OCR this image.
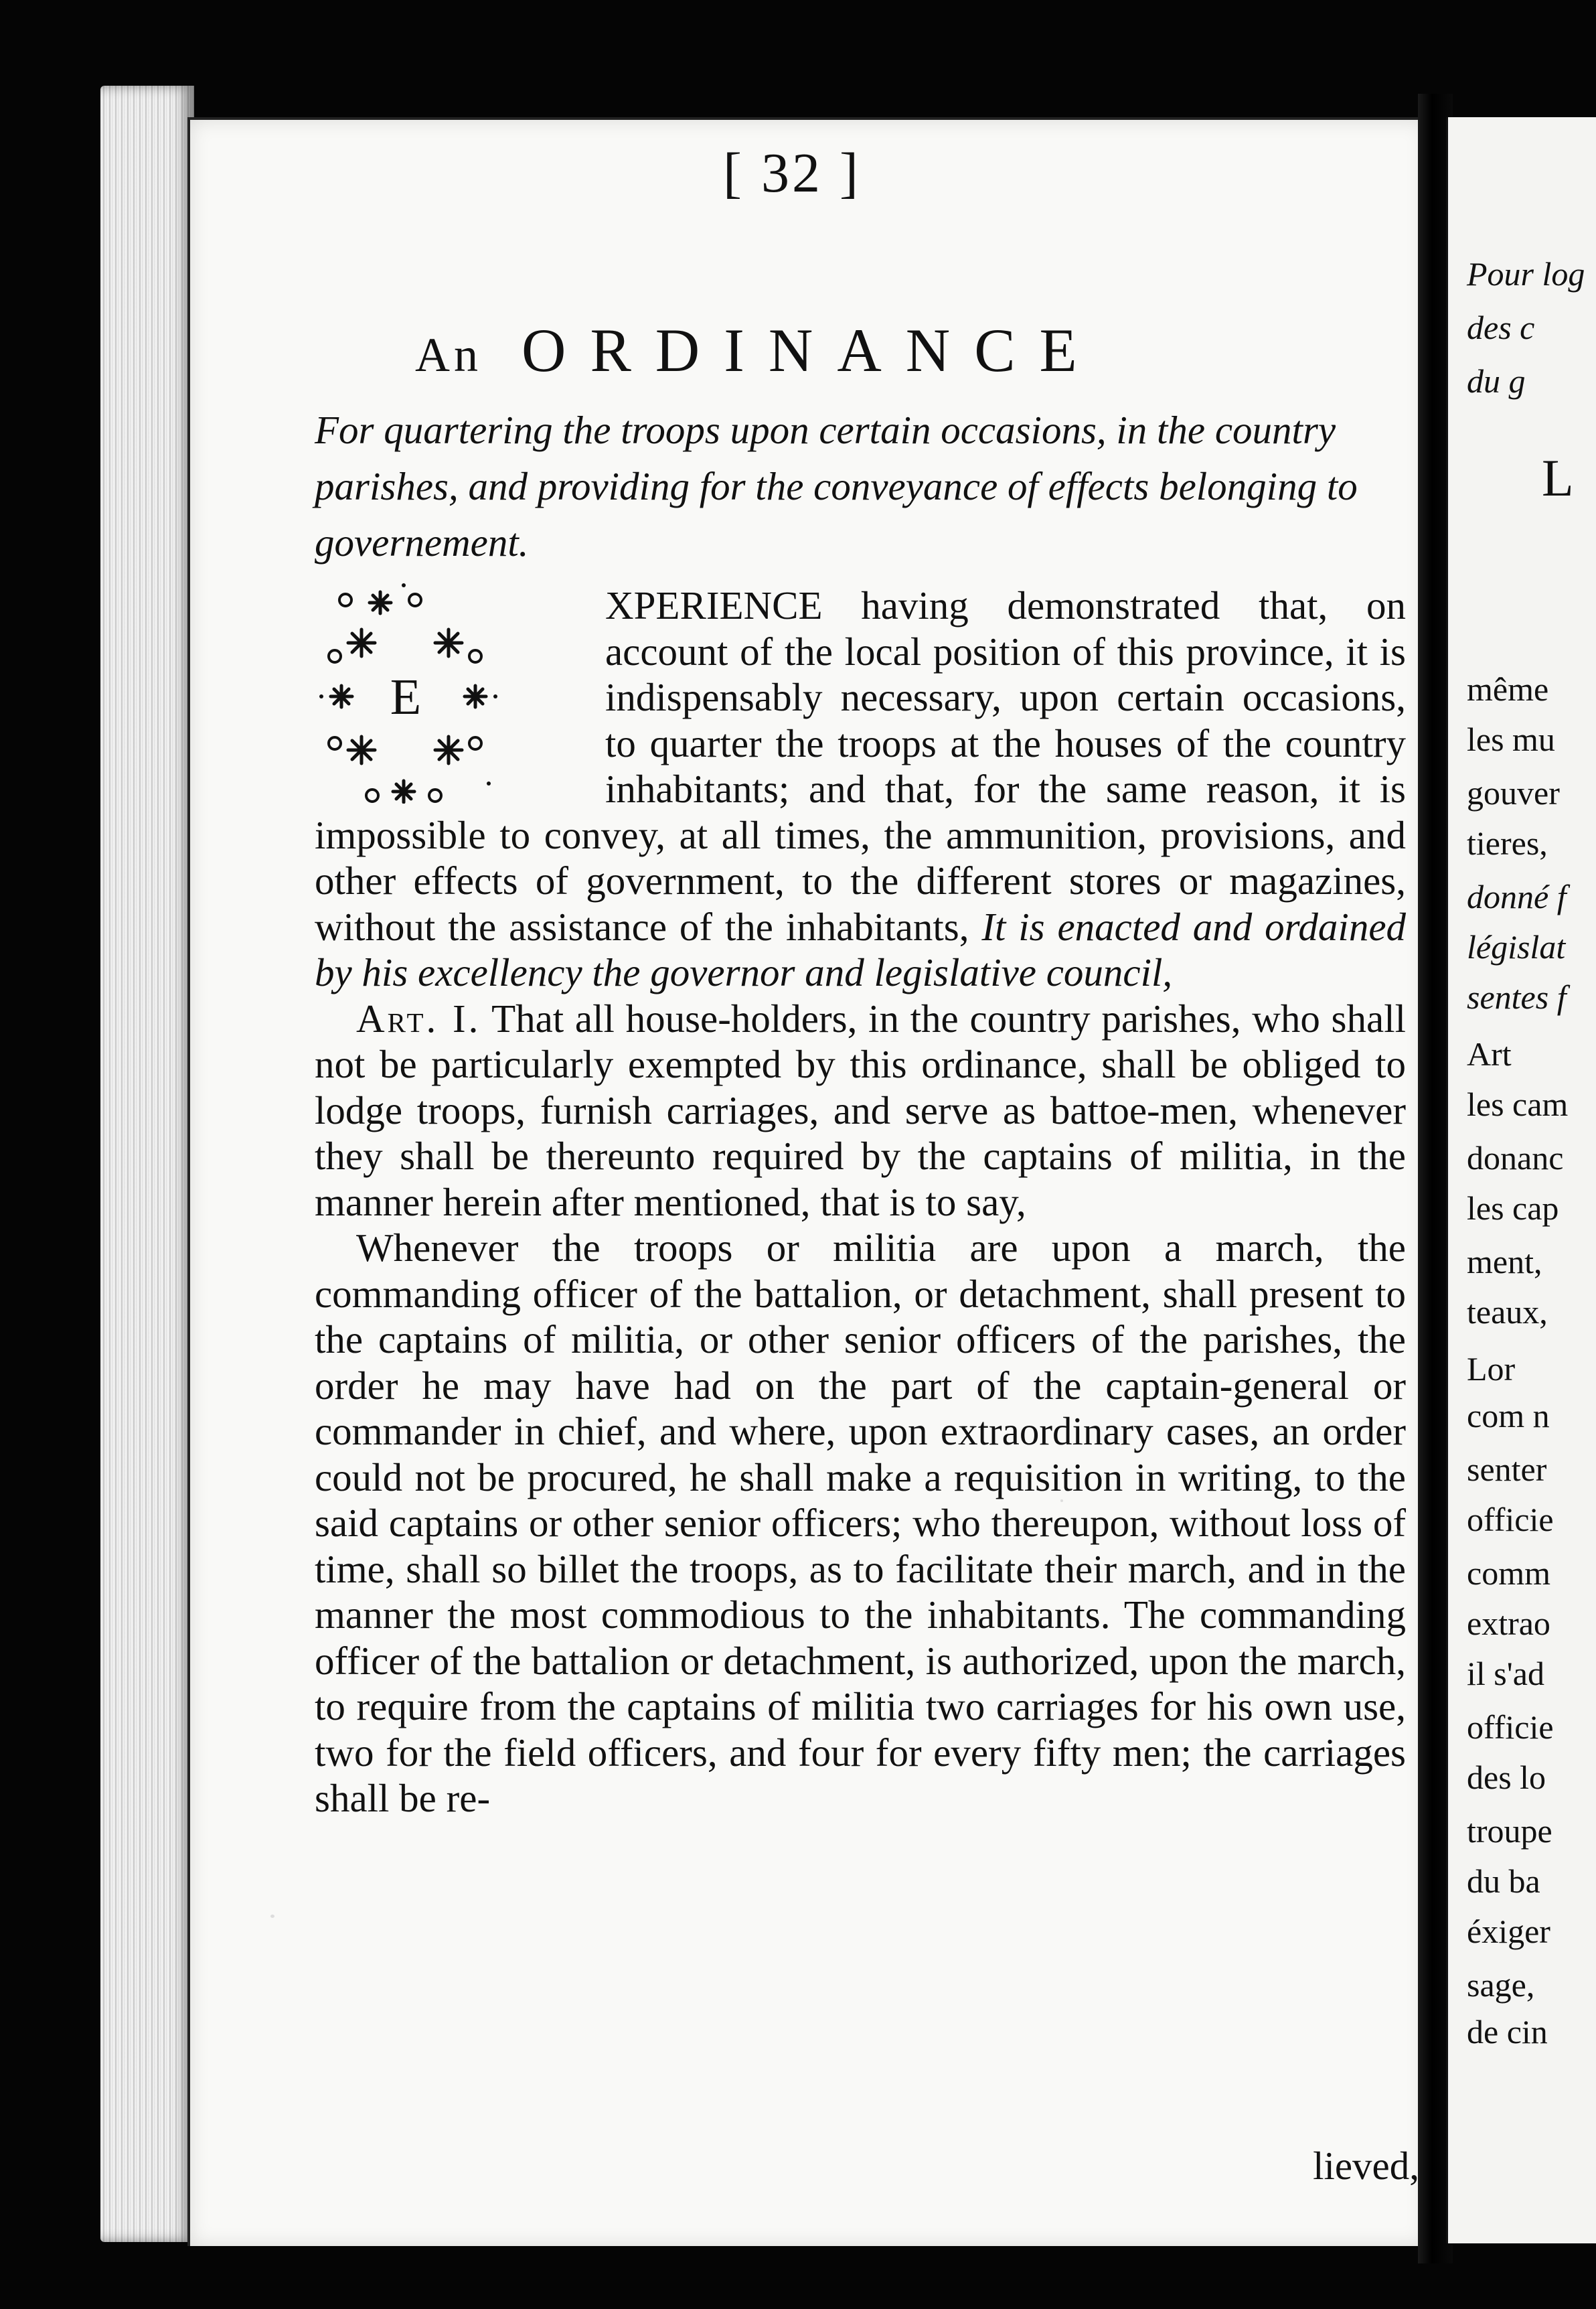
Pour log
des c
du g
L
même
les mu
gouver
tieres,
donné f
législat
sentes f
Art
les cam
donanc
les cap
ment,
teaux,
Lor
com n
senter
officie
comm
extrao
il s'ad
officie
des lo
troupe
du ba
éxiger
sage,
de cin
[ 32 ]
An ORDINANCE
For quartering the troops upon certain occasions, in the country parishes, and providing for the conveyance of effects belonging to governement.

E
XPERIENCE having demonstrated that, on account of the local position of this province, it is indispensably necessary, upon certain occasions, to quarter the troops at the houses of the country inhabitants; and that, for the same reason, it is impossible to convey, at all times, the ammunition, provisions, and other effects of government, to the different stores or magazines, without the assistance of the inhabitants, It is enacted and ordained by his excellency the governor and legislative council,

Art. I. That all house-holders, in the country parishes, who shall not be particularly exempted by this ordinance, shall be obliged to lodge troops, furnish carriages, and serve as battoe-men, whenever they shall be thereunto required by the captains of militia, in the manner herein after mentioned, that is to say,

Whenever the troops or militia are upon a march, the commanding officer of the battalion, or detachment, shall present to the captains of militia, or other senior officers of the parishes, the order he may have had on the part of the captain-general or commander in chief, and where, upon extraordinary cases, an order could not be procured, he shall make a requisition in writing, to the said captains or other senior officers; who thereupon, without loss of time, shall so billet the troops, as to facilitate their march, and in the manner the most commodious to the inhabitants. The commanding officer of the battalion or detachment, is authorized, upon the march, to require from the captains of militia two carriages for his own use, two for the field officers, and four for every fifty men; the carriages shall be re-

lieved,
